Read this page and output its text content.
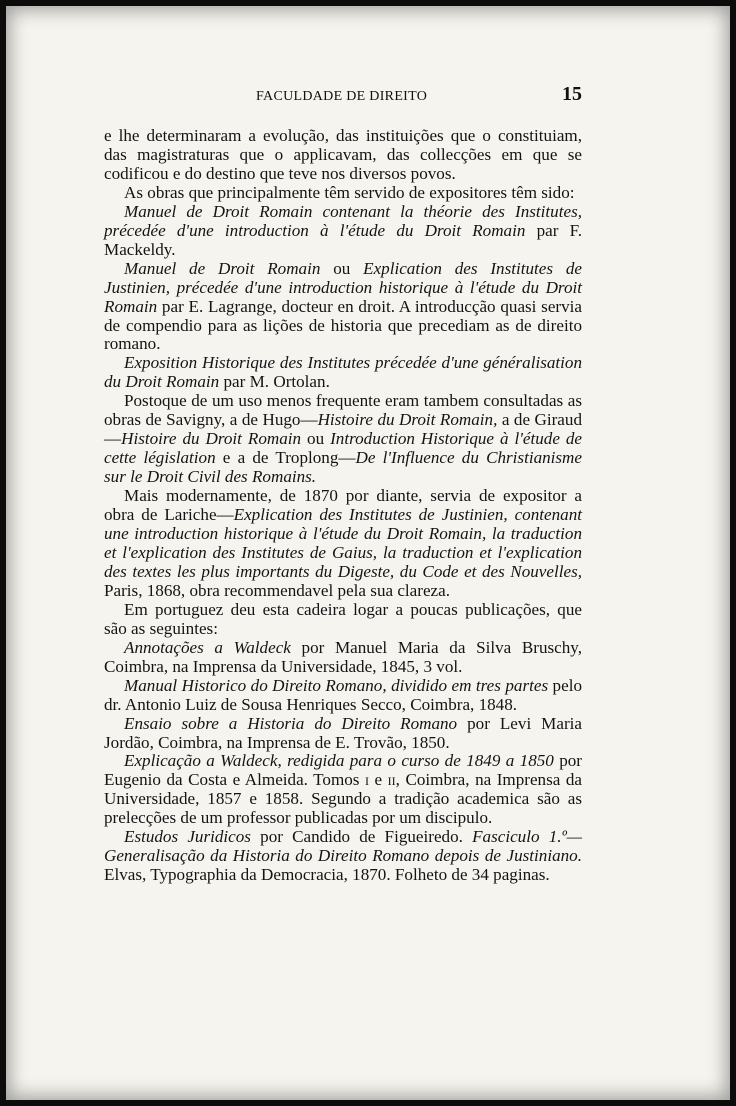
FACULDADE DE DIREITO	15

e lhe determinaram a evolução, das instituições que o constituiam, das magistraturas que o applicavam, das collecções em que se codificou e do destino que teve nos diversos povos.

As obras que principalmente têm servido de expositores têm sido:

Manuel de Droit Romain contenant la théorie des Institutes, précedée d'une introduction à l'étude du Droit Romain par F. Mackeldy.

Manuel de Droit Romain ou Explication des Institutes de Justinien, précedée d'une introduction historique à l'étude du Droit Romain par E. Lagrange, docteur en droit. A introducção quasi servia de compendio para as lições de historia que precediam as de direito romano.

Exposition Historique des Institutes précedée d'une généralisation du Droit Romain par M. Ortolan.

Postoque de um uso menos frequente eram tambem consultadas as obras de Savigny, a de Hugo—Histoire du Droit Romain, a de Giraud—Histoire du Droit Romain ou Introduction Historique à l'étude de cette législation e a de Troplong—De l'Influence du Christianisme sur le Droit Civil des Romains.

Mais modernamente, de 1870 por diante, servia de expositor a obra de Lariche—Explication des Institutes de Justinien, contenant une introduction historique à l'étude du Droit Romain, la traduction et l'explication des Institutes de Gaius, la traduction et l'explication des textes les plus importants du Digeste, du Code et des Nouvelles, Paris, 1868, obra recommendavel pela sua clareza.

Em portuguez deu esta cadeira logar a poucas publicações, que são as seguintes:

Annotações a Waldeck por Manuel Maria da Silva Bruschy, Coimbra, na Imprensa da Universidade, 1845, 3 vol.

Manual Historico do Direito Romano, dividido em tres partes pelo dr. Antonio Luiz de Sousa Henriques Secco, Coimbra, 1848.

Ensaio sobre a Historia do Direito Romano por Levi Maria Jordão, Coimbra, na Imprensa de E. Trovão, 1850.

Explicação a Waldeck, redigida para o curso de 1849 a 1850 por Eugenio da Costa e Almeida. Tomos i e ii, Coimbra, na Imprensa da Universidade, 1857 e 1858. Segundo a tradição academica são as prelecções de um professor publicadas por um discipulo.

Estudos Juridicos por Candido de Figueiredo. Fasciculo 1.º—Generalisação da Historia do Direito Romano depois de Justiniano. Elvas, Typographia da Democracia, 1870. Folheto de 34 paginas.
